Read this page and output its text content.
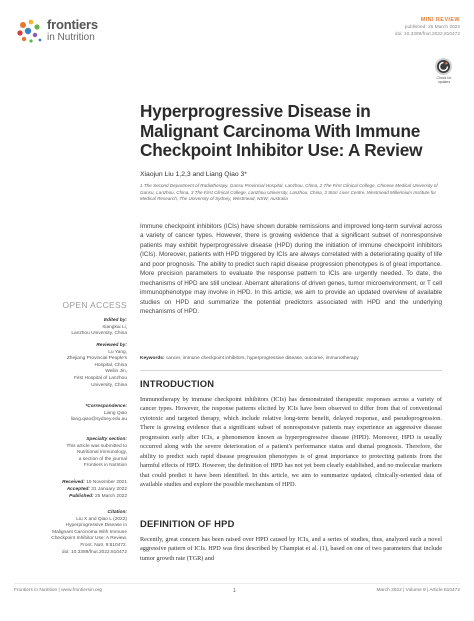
frontiers
in Nutrition
MINI REVIEW
published: 25 March 2022
doi: 10.3389/fnut.2022.810472
Check for
updates
Hyperprogressive Disease in Malignant Carcinoma With Immune Checkpoint Inhibitor Use: A Review
Xiaojun Liu 1,2,3 and Liang Qiao 3*
1 The Second Department of Radiotherapy, Gansu Provincial Hospital, Lanzhou, China, 2 The First Clinical College, Chinese Medical University of Gansu, Lanzhou, China, 3 The First Clinical College, Lanzhou University, Lanzhou, China, 3 Storr Liver Centre, Westmead Millennium Institute for Medical Research, The University of Sydney, Westmead, NSW, Australia

Immune checkpoint inhibitors (ICIs) have shown durable remissions and improved long-term survival across a variety of cancer types. However, there is growing evidence that a significant subset of nonresponsive patients may exhibit hyperprogressive disease (HPD) during the initiation of immune checkpoint inhibitors (ICIs). Moreover, patients with HPD triggered by ICIs are always correlated with a deteriorating quality of life and poor prognosis. The ability to predict such rapid disease progression phenotypes is of great importance. More precision parameters to evaluate the response pattern to ICIs are urgently needed. To date, the mechanisms of HPD are still unclear. Aberrant alterations of driven genes, tumor microenvironment, or T cell immunophenotype may involve in HPD. In this article, we aim to provide an updated overview of available studies on HPD and summarize the potential predictors associated with HPD and the underlying mechanisms of HPD.

Keywords: cancer, immune checkpoint inhibitors, hyperprogressive disease, outcome, immunotherapy
OPEN ACCESS
Edited by:
Xiangkai Li,
Lanzhou University, China
Reviewed by:
Lu Yang,
Zhejiang Provincial People's
Hospital, China
Weilin Jin,
First Hospital of Lanzhou
University, China
*Correspondence:
Liang Qiao
liang.qiao@sydney.edu.au
Specialty section:
This article was submitted to
Nutritional Immunology,
a section of the journal
Frontiers in Nutrition
Received: 15 November 2021
Accepted: 31 January 2022
Published: 25 March 2022
Citation:
Liu X and Qiao L (2022)
Hyperprogressive Disease in
Malignant Carcinoma With Immune
Checkpoint Inhibitor Use: A Review.
Front. Nutr. 9:810472.
doi: 10.3389/fnut.2022.810472
INTRODUCTION

Immunotherapy by immune checkpoint inhibitors (ICIs) has demonstrated therapeutic responses across a variety of cancer types. However, the response patterns elicited by ICIs have been observed to differ from that of conventional cytotoxic and targeted therapy, which include relative long-term benefit, delayed response, and pseudoprogression. There is growing evidence that a significant subset of nonresponsive patients may experience an aggressive disease progression early after ICIs, a phenomenon known as hyperprogressive disease (HPD). Moreover, HPD is usually occurred along with the severe deterioration of a patient's performance status and dismal prognosis. Therefore, the ability to predict such rapid disease progression phenotypes is of great importance to protecting patients from the harmful effects of HPD. However, the definition of HPD has not yet been clearly established, and no molecular markers that could predict it have been identified. In this article, we aim to summarize updated, clinically-oriented data of available studies and explore the possible mechanism of HPD.

DEFINITION OF HPD

Recently, great concern has been raised over HPD caused by ICIs, and a series of studies, thus, analyzed such a novel aggressive pattern of ICIs. HPD was first described by Champiat et al. (1), based on one of two parameters that include tumor growth rate (TGR) and

Frontiers in Nutrition | www.frontiersin.org	1	March 2022 | Volume 9 | Article 810472
